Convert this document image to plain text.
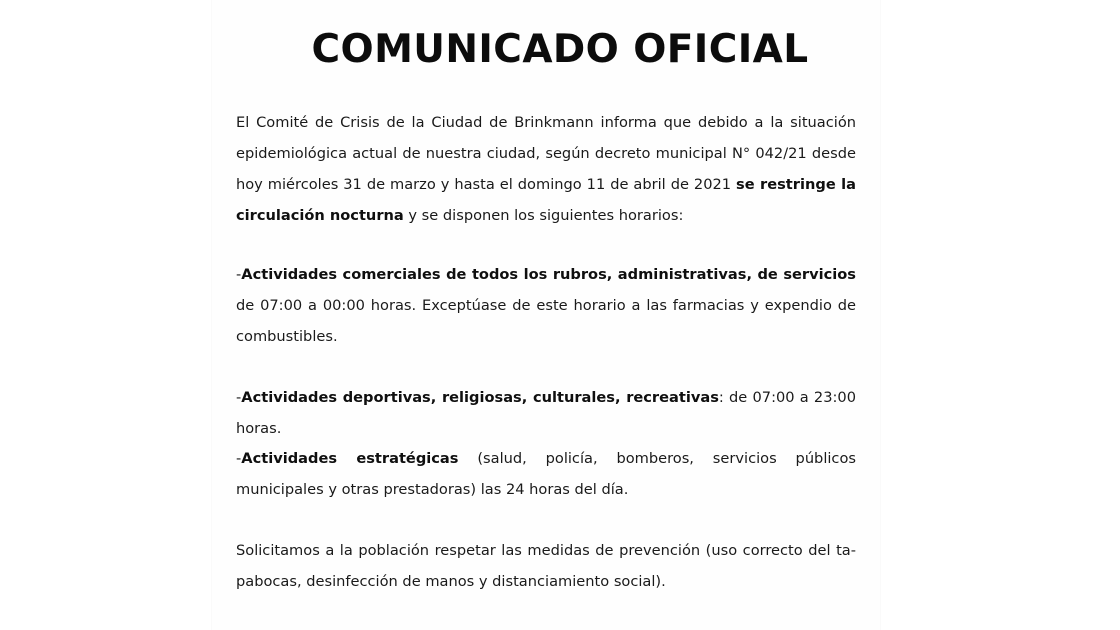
COMUNICADO OFICIAL

El Comité de Crisis de la Ciudad de Brinkmann informa que debido a la situación epidemiológica actual de nuestra ciudad, según decreto municipal N° 042/21 desde hoy miércoles 31 de marzo y hasta el domingo 11 de abril de 2021 se restringe la circulación nocturna y se disponen los siguientes horarios:

-Actividades comerciales de todos los rubros, administrativas, de servicios de 07:00 a 00:00 horas. Exceptúase de este horario a las farmacias y expendio de combustibles.

-Actividades deportivas, religiosas, culturales, recreativas: de 07:00 a 23:00 horas.

-Actividades estratégicas (salud, policía, bomberos, servicios públicos municipales y otras prestadoras) las 24 horas del día.

Solicitamos a la población respetar las medidas de prevención (uso correcto del ta-pabocas, desinfección de manos y distanciamiento social).
